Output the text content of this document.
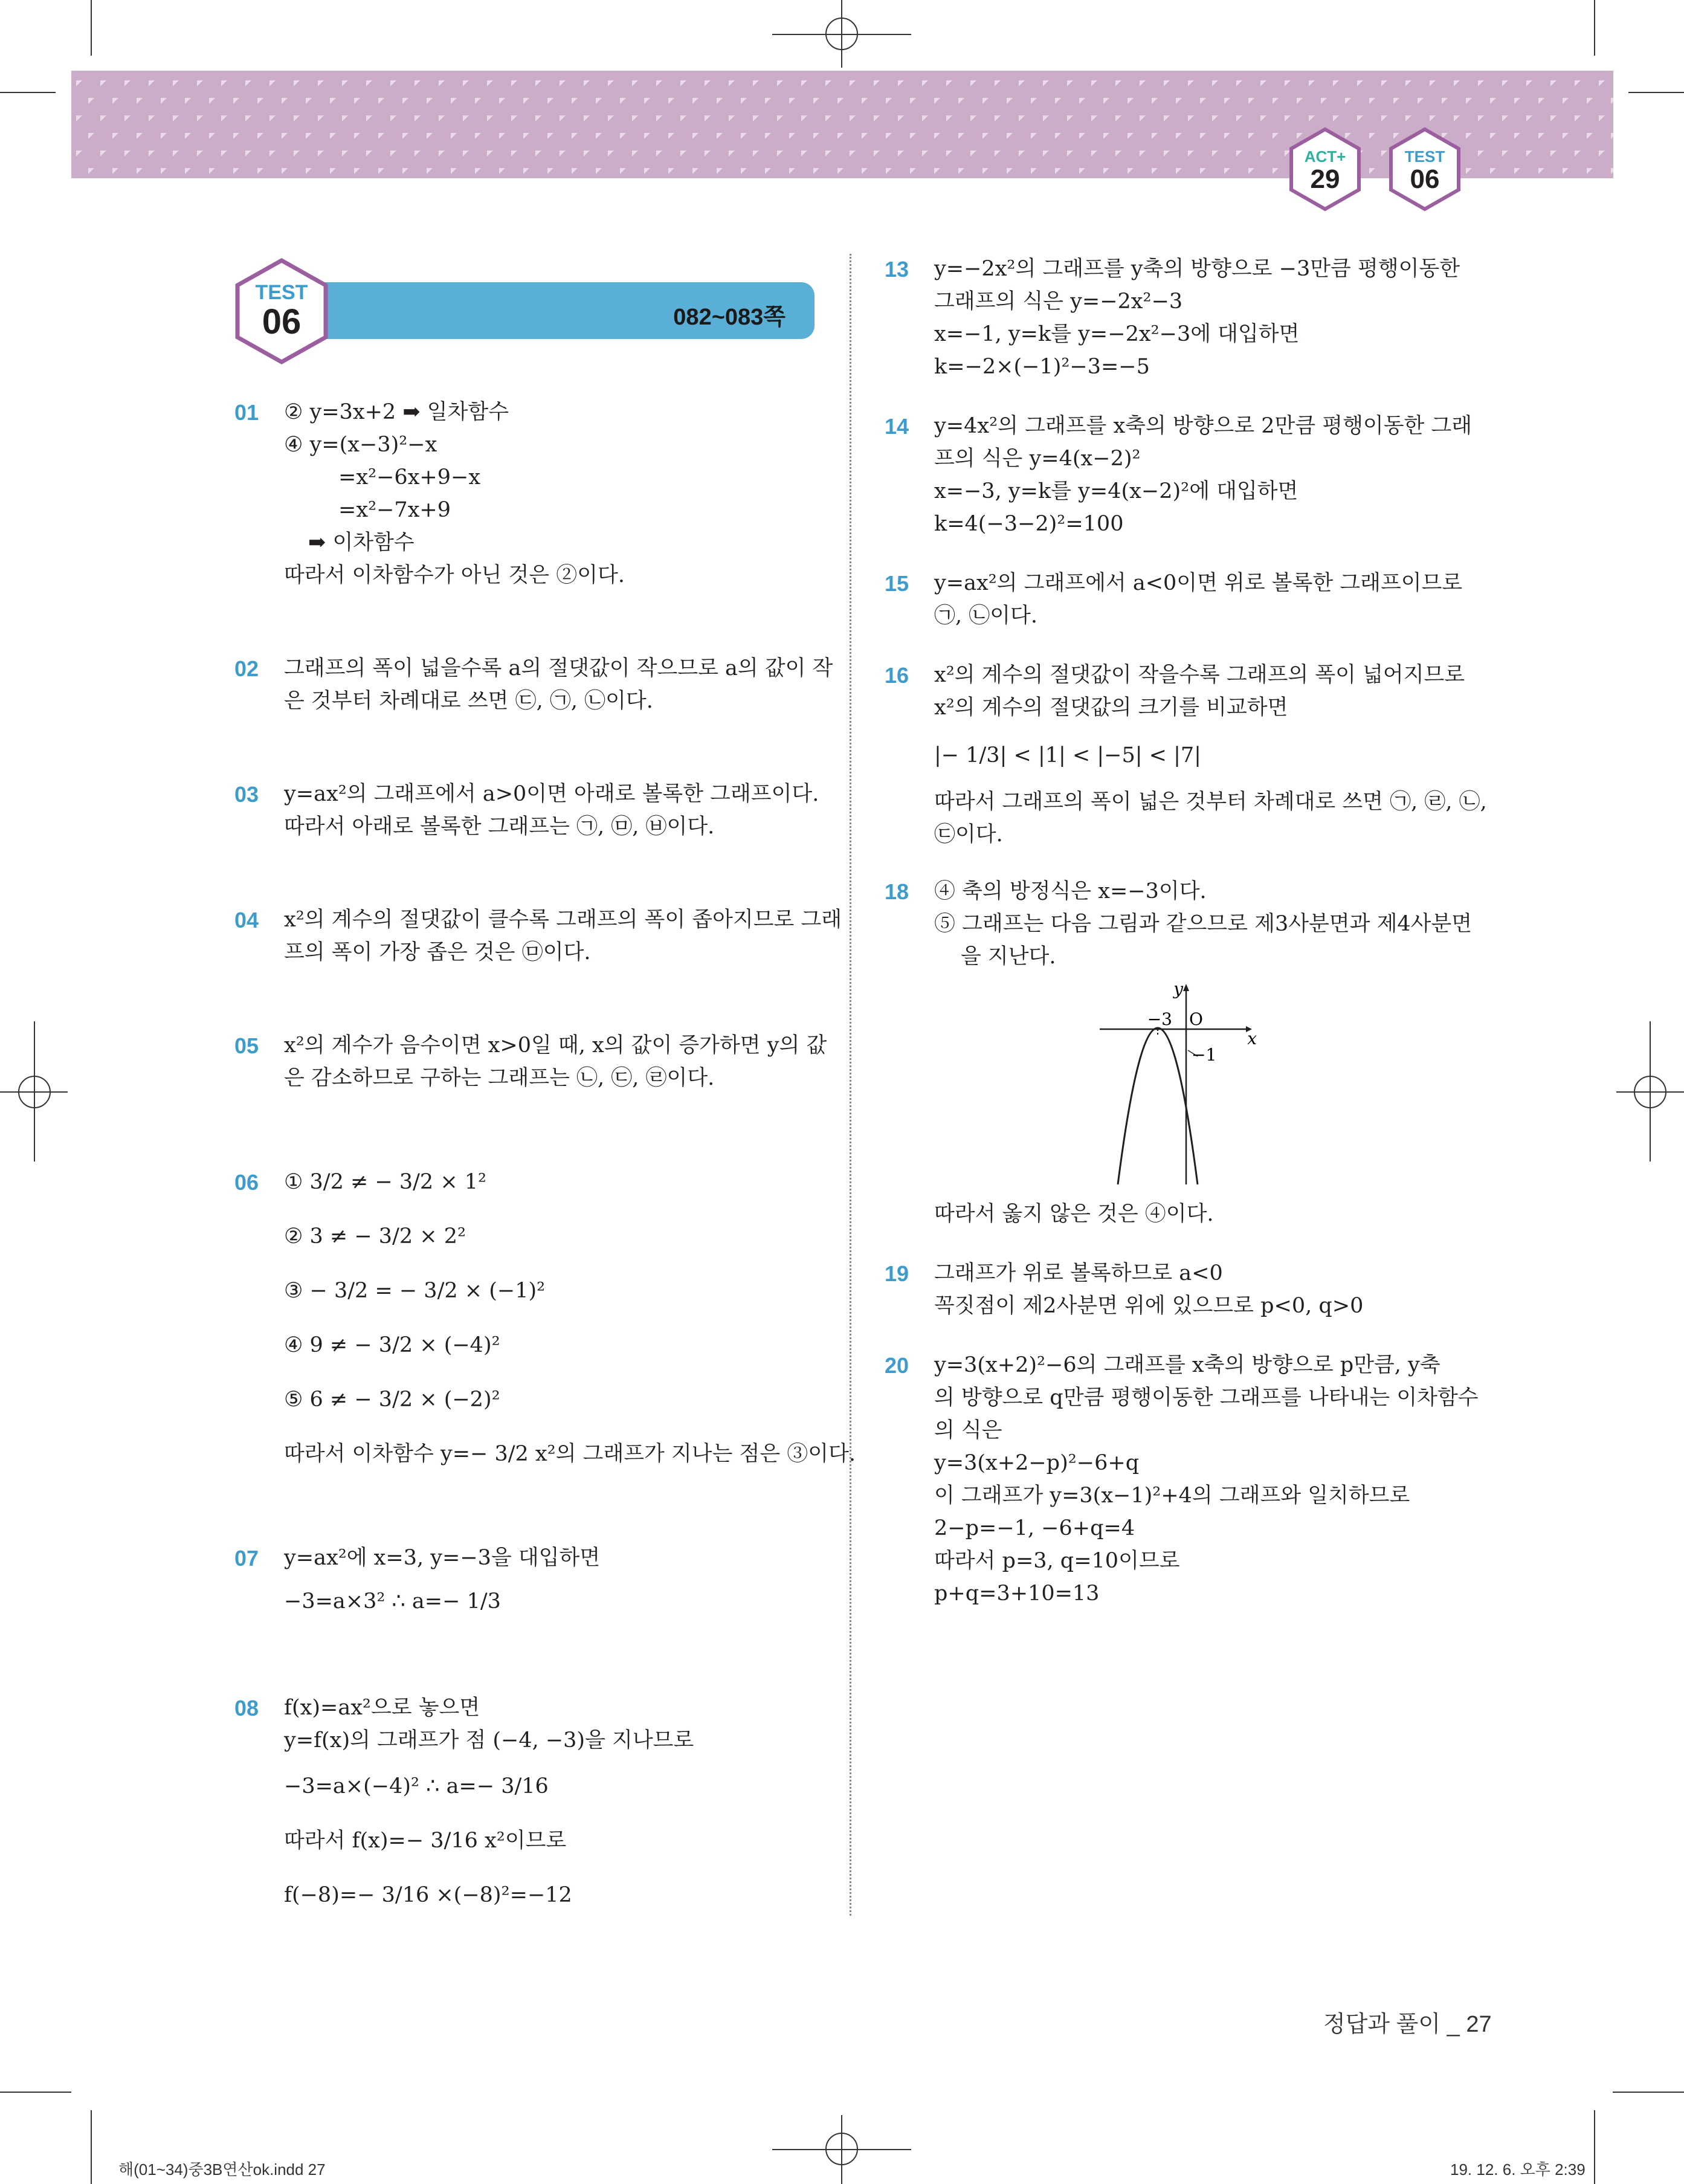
ACT+
29
TEST
06
082~083쪽
TEST
06
01 ② y=3x+2 ➡ 일차함수
④ y=(x−3)²−x
=x²−6x+9−x
=x²−7x+9
➡ 이차함수
따라서 이차함수가 아닌 것은 ②이다.
02 그래프의 폭이 넓을수록 a의 절댓값이 작으므로 a의 값이 작
은 것부터 차례대로 쓰면 ㉢, ㉠, ㉡이다.
03 y=ax²의 그래프에서 a>0이면 아래로 볼록한 그래프이다.
따라서 아래로 볼록한 그래프는 ㉠, ㉤, ㉥이다.
04 x²의 계수의 절댓값이 클수록 그래프의 폭이 좁아지므로 그래
프의 폭이 가장 좁은 것은 ㉤이다.
05 x²의 계수가 음수이면 x>0일 때, x의 값이 증가하면 y의 값
은 감소하므로 구하는 그래프는 ㉡, ㉢, ㉣이다.
06 ① 3/2 ≠ − 3/2 × 1²
② 3 ≠ − 3/2 × 2²
③ − 3/2 = − 3/2 × (−1)²
④ 9 ≠ − 3/2 × (−4)²
⑤ 6 ≠ − 3/2 × (−2)²
따라서 이차함수 y=− 3/2 x²의 그래프가 지나는 점은 ③이다.
07 y=ax²에 x=3, y=−3을 대입하면
−3=a×3² ∴ a=− 1/3
08 f(x)=ax²으로 놓으면
y=f(x)의 그래프가 점 (−4, −3)을 지나므로
−3=a×(−4)² ∴ a=− 3/16
따라서 f(x)=− 3/16 x²이므로
f(−8)=− 3/16 ×(−8)²=−12
13 y=−2x²의 그래프를 y축의 방향으로 −3만큼 평행이동한
그래프의 식은 y=−2x²−3
x=−1, y=k를 y=−2x²−3에 대입하면
k=−2×(−1)²−3=−5
14 y=4x²의 그래프를 x축의 방향으로 2만큼 평행이동한 그래
프의 식은 y=4(x−2)²
x=−3, y=k를 y=4(x−2)²에 대입하면
k=4(−3−2)²=100
15 y=ax²의 그래프에서 a<0이면 위로 볼록한 그래프이므로
㉠, ㉡이다.
16 x²의 계수의 절댓값이 작을수록 그래프의 폭이 넓어지므로
x²의 계수의 절댓값의 크기를 비교하면
|− 1/3| < |1| < |−5| < |7|
따라서 그래프의 폭이 넓은 것부터 차례대로 쓰면 ㉠, ㉣, ㉡,
㉢이다.
18 ④ 축의 방정식은 x=−3이다.
⑤ 그래프는 다음 그림과 같으므로 제3사분면과 제4사분면
을 지난다.
y
x
O
−3
−1
따라서 옳지 않은 것은 ④이다.
19 그래프가 위로 볼록하므로 a<0
꼭짓점이 제2사분면 위에 있으므로 p<0, q>0
20 y=3(x+2)²−6의 그래프를 x축의 방향으로 p만큼, y축
의 방향으로 q만큼 평행이동한 그래프를 나타내는 이차함수
의 식은
y=3(x+2−p)²−6+q
이 그래프가 y=3(x−1)²+4의 그래프와 일치하므로
2−p=−1, −6+q=4
따라서 p=3, q=10이므로
p+q=3+10=13
정답과 풀이 _ 27
해(01~34)중3B연산ok.indd 27	19. 12. 6. 오후 2:39
